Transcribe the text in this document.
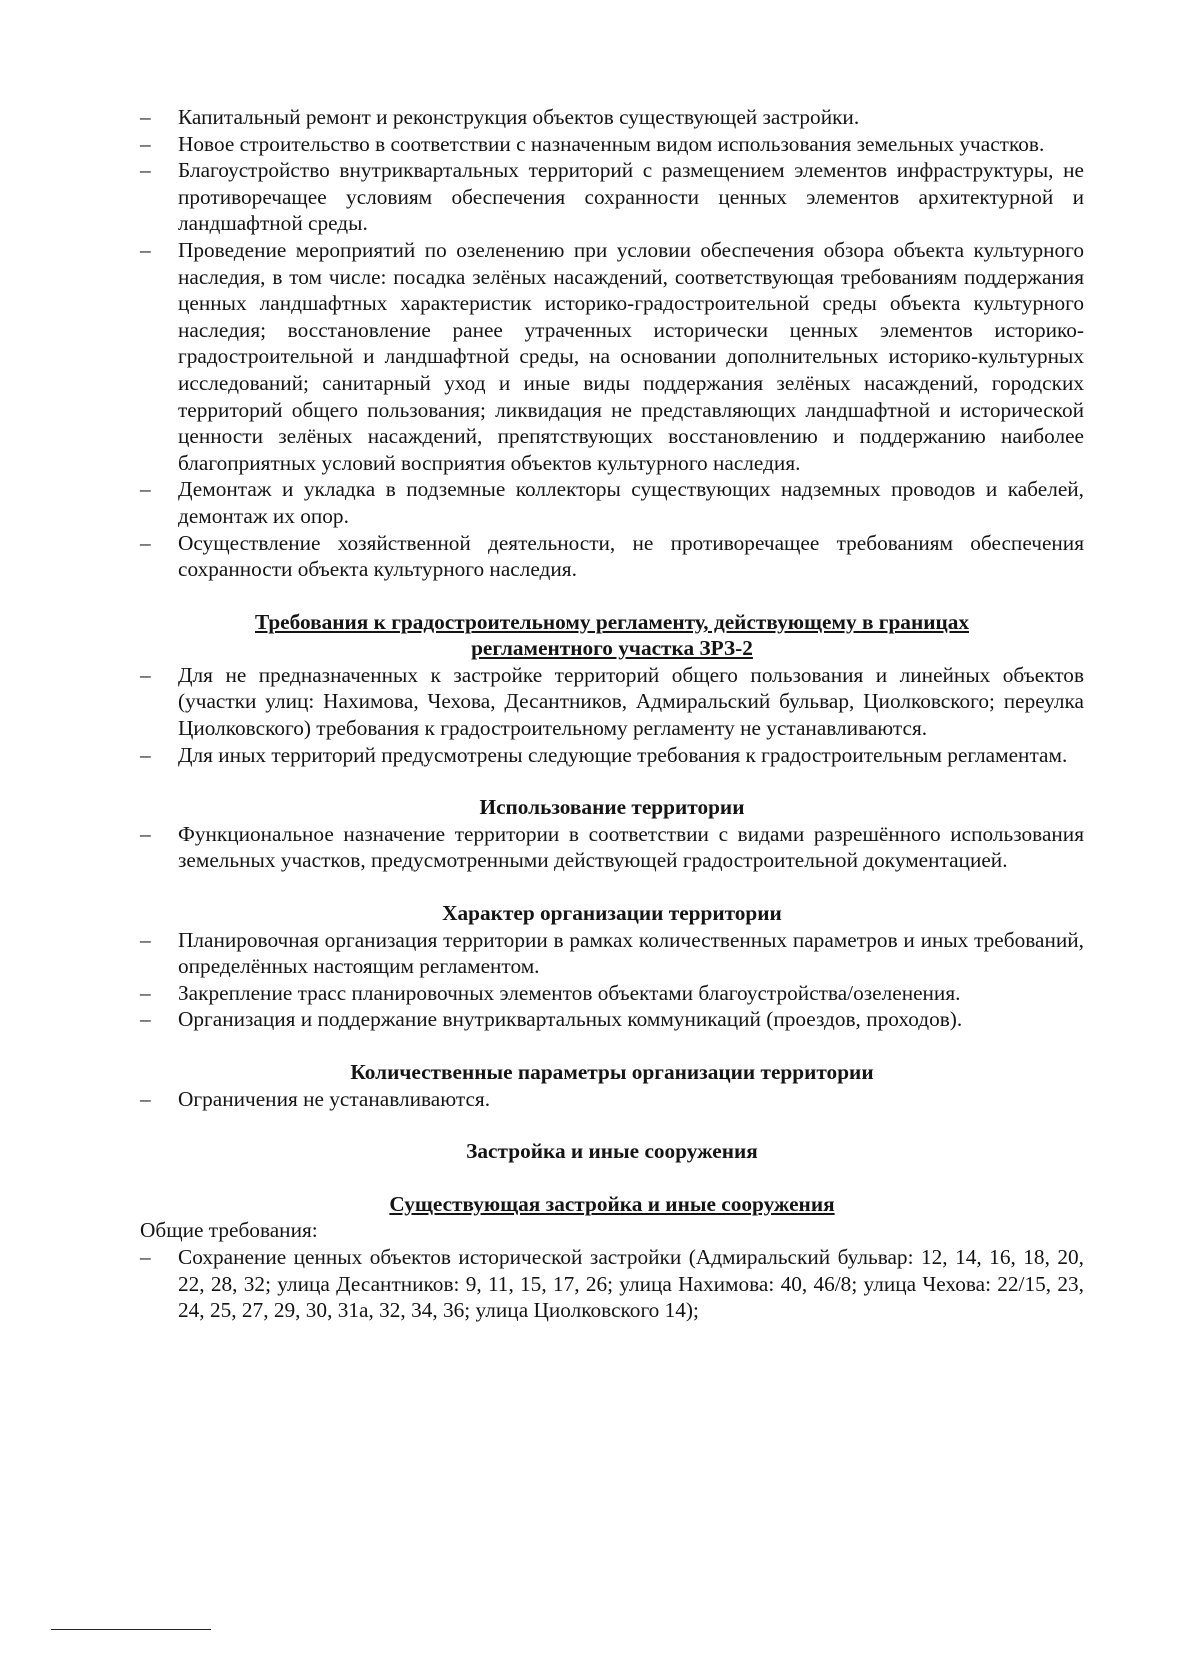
– Капитальный ремонт и реконструкция объектов существующей застройки.
– Новое строительство в соответствии с назначенным видом использования земельных участков.
– Благоустройство внутриквартальных территорий с размещением элементов инфраструктуры, не противоречащее условиям обеспечения сохранности ценных элементов архитектурной и ландшафтной среды.
– Проведение мероприятий по озеленению при условии обеспечения обзора объекта культурного наследия, в том числе: посадка зелёных насаждений, соответствующая требованиям поддержания ценных ландшафтных характеристик историко-градостроительной среды объекта культурного наследия; восстановление ранее утраченных исторически ценных элементов историко-градостроительной и ландшафтной среды, на основании дополнительных историко-культурных исследований; санитарный уход и иные виды поддержания зелёных насаждений, городских территорий общего пользования; ликвидация не представляющих ландшафтной и исторической ценности зелёных насаждений, препятствующих восстановлению и поддержанию наиболее благоприятных условий восприятия объектов культурного наследия.
– Демонтаж и укладка в подземные коллекторы существующих надземных проводов и кабелей, демонтаж их опор.
– Осуществление хозяйственной деятельности, не противоречащее требованиям обеспечения сохранности объекта культурного наследия.

Требования к градостроительному регламенту, действующему в границах
регламентного участка ЗРЗ-2

– Для не предназначенных к застройке территорий общего пользования и линейных объектов (участки улиц: Нахимова, Чехова, Десантников, Адмиральский бульвар, Циолковского; переулка Циолковского) требования к градостроительному регламенту не устанавливаются.
– Для иных территорий предусмотрены следующие требования к градостроительным регламентам.

Использование территории

– Функциональное назначение территории в соответствии с видами разрешённого использования земельных участков, предусмотренными действующей градостроительной документацией.

Характер организации территории

– Планировочная организация территории в рамках количественных параметров и иных требований, определённых настоящим регламентом.
– Закрепление трасс планировочных элементов объектами благоустройства/озеленения.
– Организация и поддержание внутриквартальных коммуникаций (проездов, проходов).

Количественные параметры организации территории

– Ограничения не устанавливаются.

Застройка и иные сооружения

Существующая застройка и иные сооружения

Общие требования:

– Сохранение ценных объектов исторической застройки (Адмиральский бульвар: 12, 14, 16, 18, 20, 22, 28, 32; улица Десантников: 9, 11, 15, 17, 26; улица Нахимова: 40, 46/8; улица Чехова: 22/15, 23, 24, 25, 27, 29, 30, 31а, 32, 34, 36; улица Циолковского 14);
